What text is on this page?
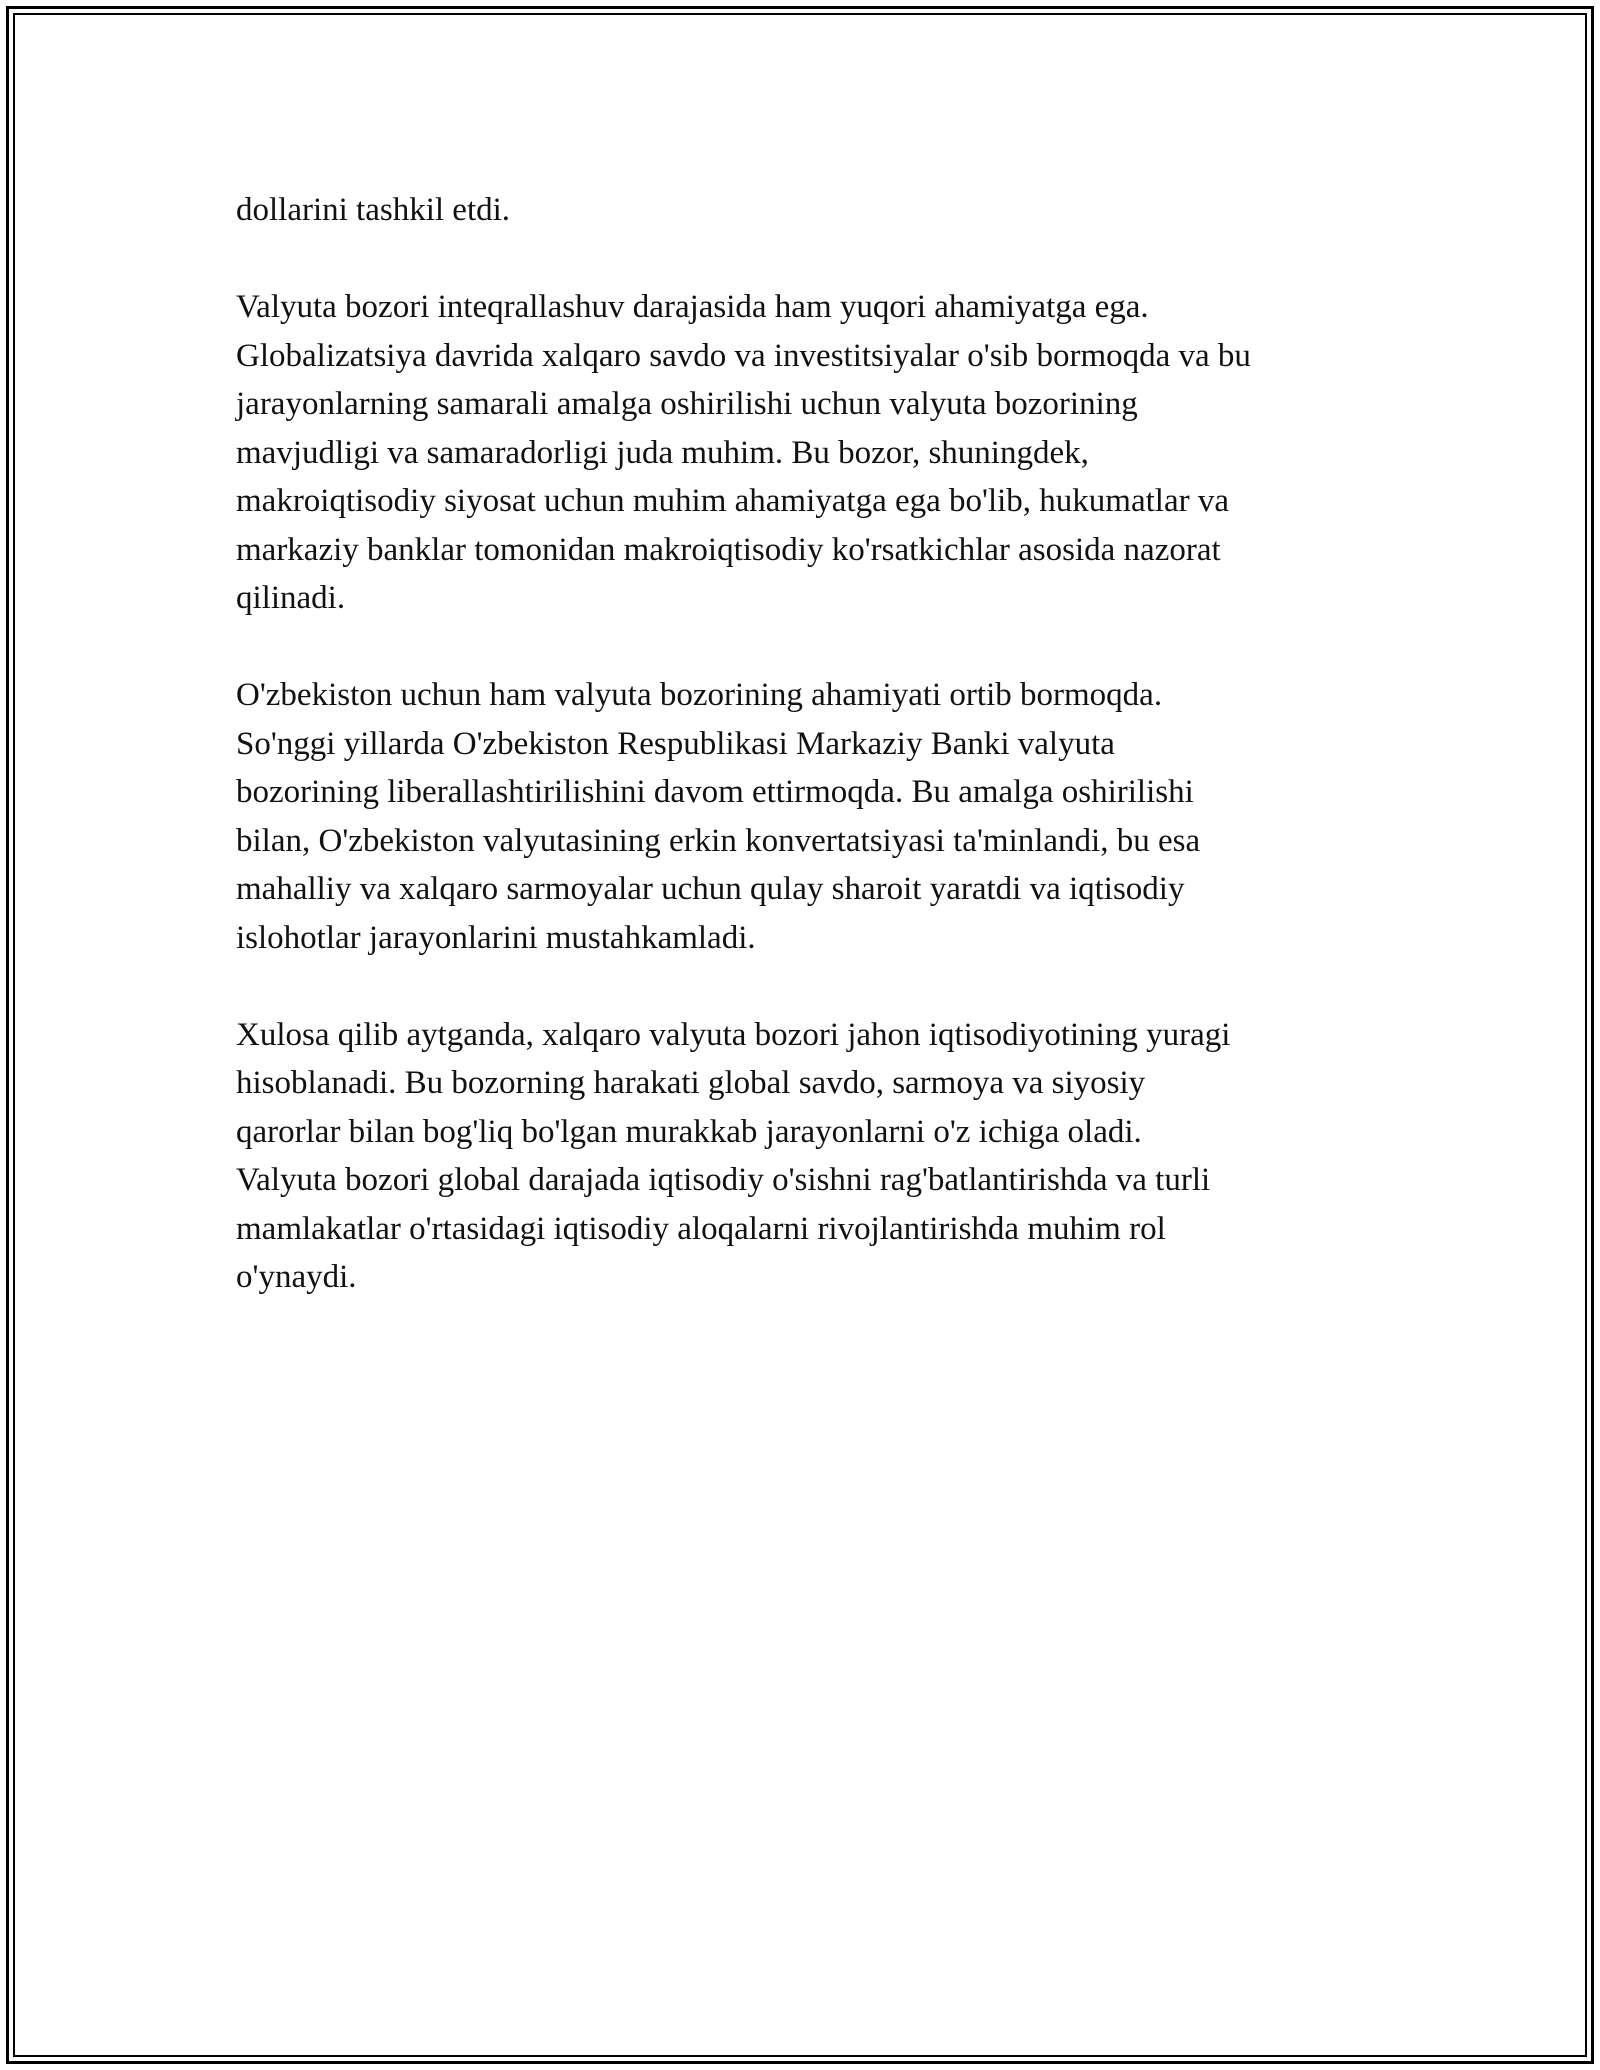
dollarini tashkil etdi.

Valyuta bozori inteqrallashuv darajasida ham yuqori ahamiyatga ega.
Globalizatsiya davrida xalqaro savdo va investitsiyalar o'sib bormoqda va bu
jarayonlarning samarali amalga oshirilishi uchun valyuta bozorining
mavjudligi va samaradorligi juda muhim. Bu bozor, shuningdek,
makroiqtisodiy siyosat uchun muhim ahamiyatga ega bo'lib, hukumatlar va
markaziy banklar tomonidan makroiqtisodiy ko'rsatkichlar asosida nazorat
qilinadi.

O'zbekiston uchun ham valyuta bozorining ahamiyati ortib bormoqda.
So'nggi yillarda O'zbekiston Respublikasi Markaziy Banki valyuta
bozorining liberallashtirilishini davom ettirmoqda. Bu amalga oshirilishi
bilan, O'zbekiston valyutasining erkin konvertatsiyasi ta'minlandi, bu esa
mahalliy va xalqaro sarmoyalar uchun qulay sharoit yaratdi va iqtisodiy
islohotlar jarayonlarini mustahkamladi.

Xulosa qilib aytganda, xalqaro valyuta bozori jahon iqtisodiyotining yuragi
hisoblanadi. Bu bozorning harakati global savdo, sarmoya va siyosiy
qarorlar bilan bog'liq bo'lgan murakkab jarayonlarni o'z ichiga oladi.
Valyuta bozori global darajada iqtisodiy o'sishni rag'batlantirishda va turli
mamlakatlar o'rtasidagi iqtisodiy aloqalarni rivojlantirishda muhim rol
o'ynaydi.
